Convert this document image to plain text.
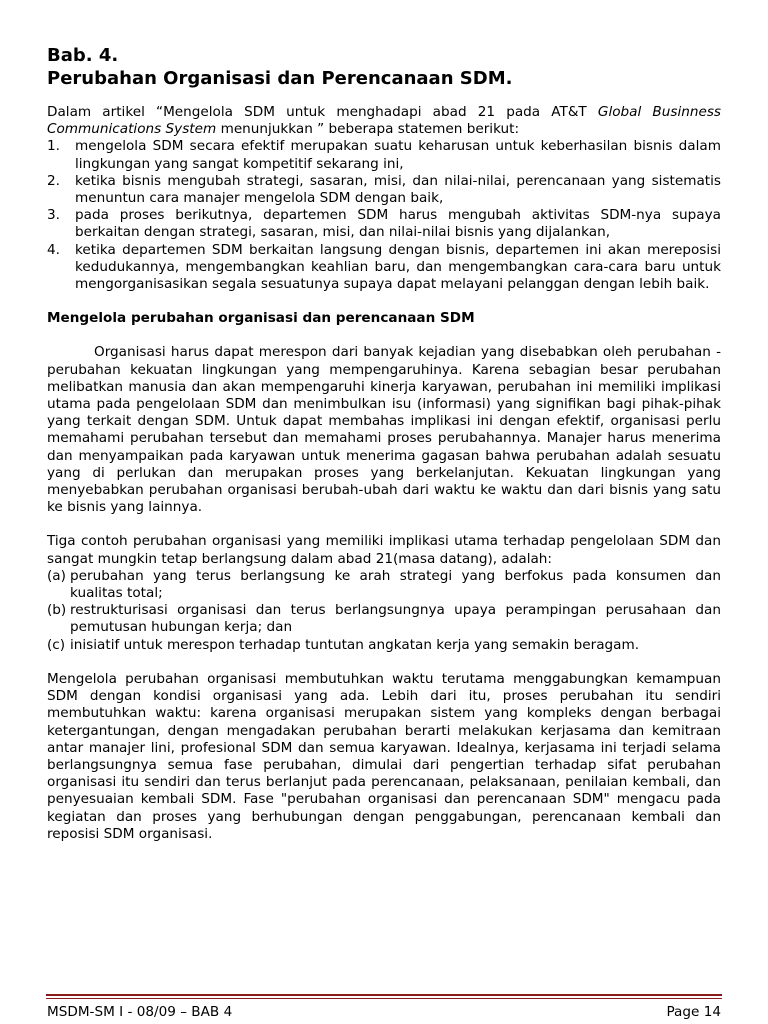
Bab. 4.
Perubahan Organisasi dan Perencanaan SDM.

Dalam artikel “Mengelola SDM untuk menghadapi abad 21 pada AT&T Global Businness Communications System menunjukkan ” beberapa statemen berikut:

1. mengelola SDM secara efektif merupakan suatu keharusan untuk keberhasilan bisnis dalam lingkungan yang sangat kompetitif sekarang ini,
2. ketika bisnis mengubah strategi, sasaran, misi, dan nilai-nilai, perencanaan yang sistematis menuntun cara manajer mengelola SDM dengan baik,
3. pada proses berikutnya, departemen SDM harus mengubah aktivitas SDM-nya supaya berkaitan dengan strategi, sasaran, misi, dan nilai-nilai bisnis yang dijalankan,
4. ketika departemen SDM berkaitan langsung dengan bisnis, departemen ini akan mereposisi kedudukannya, mengembangkan keahlian baru, dan mengembangkan cara-cara baru untuk mengorganisasikan segala sesuatunya supaya dapat melayani pelanggan dengan lebih baik.
Mengelola perubahan organisasi dan perencanaan SDM

Organisasi harus dapat merespon dari banyak kejadian yang disebabkan oleh perubahan -perubahan kekuatan lingkungan yang mempengaruhinya. Karena sebagian besar perubahan melibatkan manusia dan akan mempengaruhi kinerja karyawan, perubahan ini memiliki implikasi utama pada pengelolaan SDM dan menimbulkan isu (informasi) yang signifikan bagi pihak-pihak yang terkait dengan SDM. Untuk dapat membahas implikasi ini dengan efektif, organisasi perlu memahami perubahan tersebut dan memahami proses perubahannya. Manajer harus menerima dan menyampaikan pada karyawan untuk menerima gagasan bahwa perubahan adalah sesuatu yang di perlukan dan merupakan proses yang berkelanjutan. Kekuatan lingkungan yang menyebabkan perubahan organisasi berubah-ubah dari waktu ke waktu dan dari bisnis yang satu ke bisnis yang lainnya.

Tiga contoh perubahan organisasi yang memiliki implikasi utama terhadap pengelolaan SDM dan sangat mungkin tetap berlangsung dalam abad 21(masa datang), adalah:

(a) perubahan yang terus berlangsung ke arah strategi yang berfokus pada konsumen dan kualitas total;
(b) restrukturisasi organisasi dan terus berlangsungnya upaya perampingan perusahaan dan pemutusan hubungan kerja; dan
(c) inisiatif untuk merespon terhadap tuntutan angkatan kerja yang semakin beragam.

Mengelola perubahan organisasi membutuhkan waktu terutama menggabungkan kemampuan SDM dengan kondisi organisasi yang ada. Lebih dari itu, proses perubahan itu sendiri membutuhkan waktu: karena organisasi merupakan sistem yang kompleks dengan berbagai ketergantungan, dengan mengadakan perubahan berarti melakukan kerjasama dan kemitraan antar manajer lini, profesional SDM dan semua karyawan. Idealnya, kerjasama ini terjadi selama berlangsungnya semua fase perubahan, dimulai dari pengertian terhadap sifat perubahan organisasi itu sendiri dan terus berlanjut pada perencanaan, pelaksanaan, penilaian kembali, dan penyesuaian kembali SDM. Fase "perubahan organisasi dan perencanaan SDM" mengacu pada kegiatan dan proses yang berhubungan dengan penggabungan, perencanaan kembali dan reposisi SDM organisasi.

MSDM-SM I - 08/09 – BAB 4	Page 14
